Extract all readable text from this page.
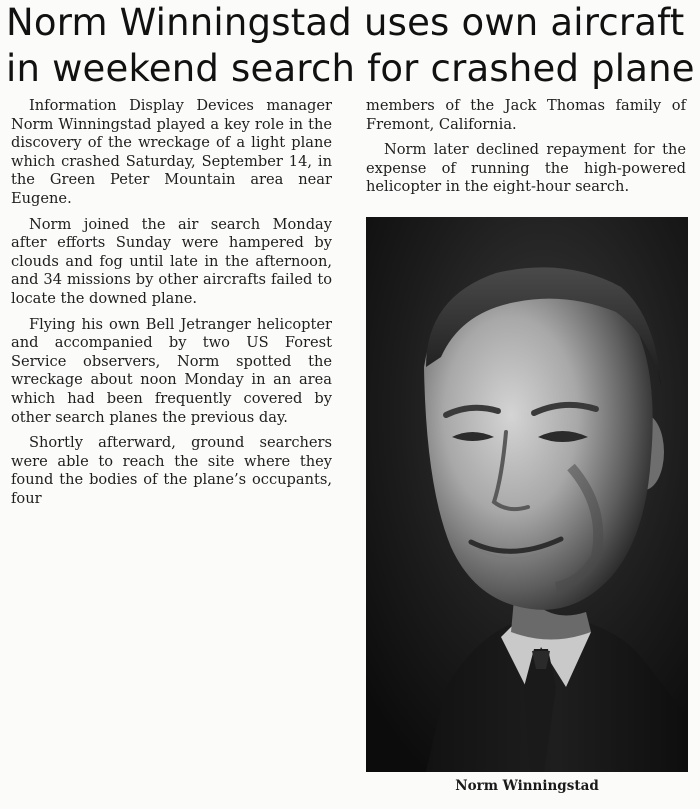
Norm Winningstad uses own aircraft
in weekend search for crashed plane

Information Display Devices manager Norm Winningstad played a key role in the discovery of the wreckage of a light plane which crashed Saturday, September 14, in the Green Peter Mountain area near Eugene.

Norm joined the air search Monday after efforts Sunday were hampered by clouds and fog until late in the afternoon, and 34 missions by other aircrafts failed to locate the downed plane.

Flying his own Bell Jetranger helicopter and accompanied by two US Forest Service observers, Norm spotted the wreckage about noon Monday in an area which had been frequently covered by other search planes the previous day.

Shortly afterward, ground searchers were able to reach the site where they found the bodies of the plane’s occupants, four

members of the Jack Thomas family of Fremont, California.

Norm later declined repayment for the expense of running the high-powered helicopter in the eight-hour search.

Norm Winningstad
